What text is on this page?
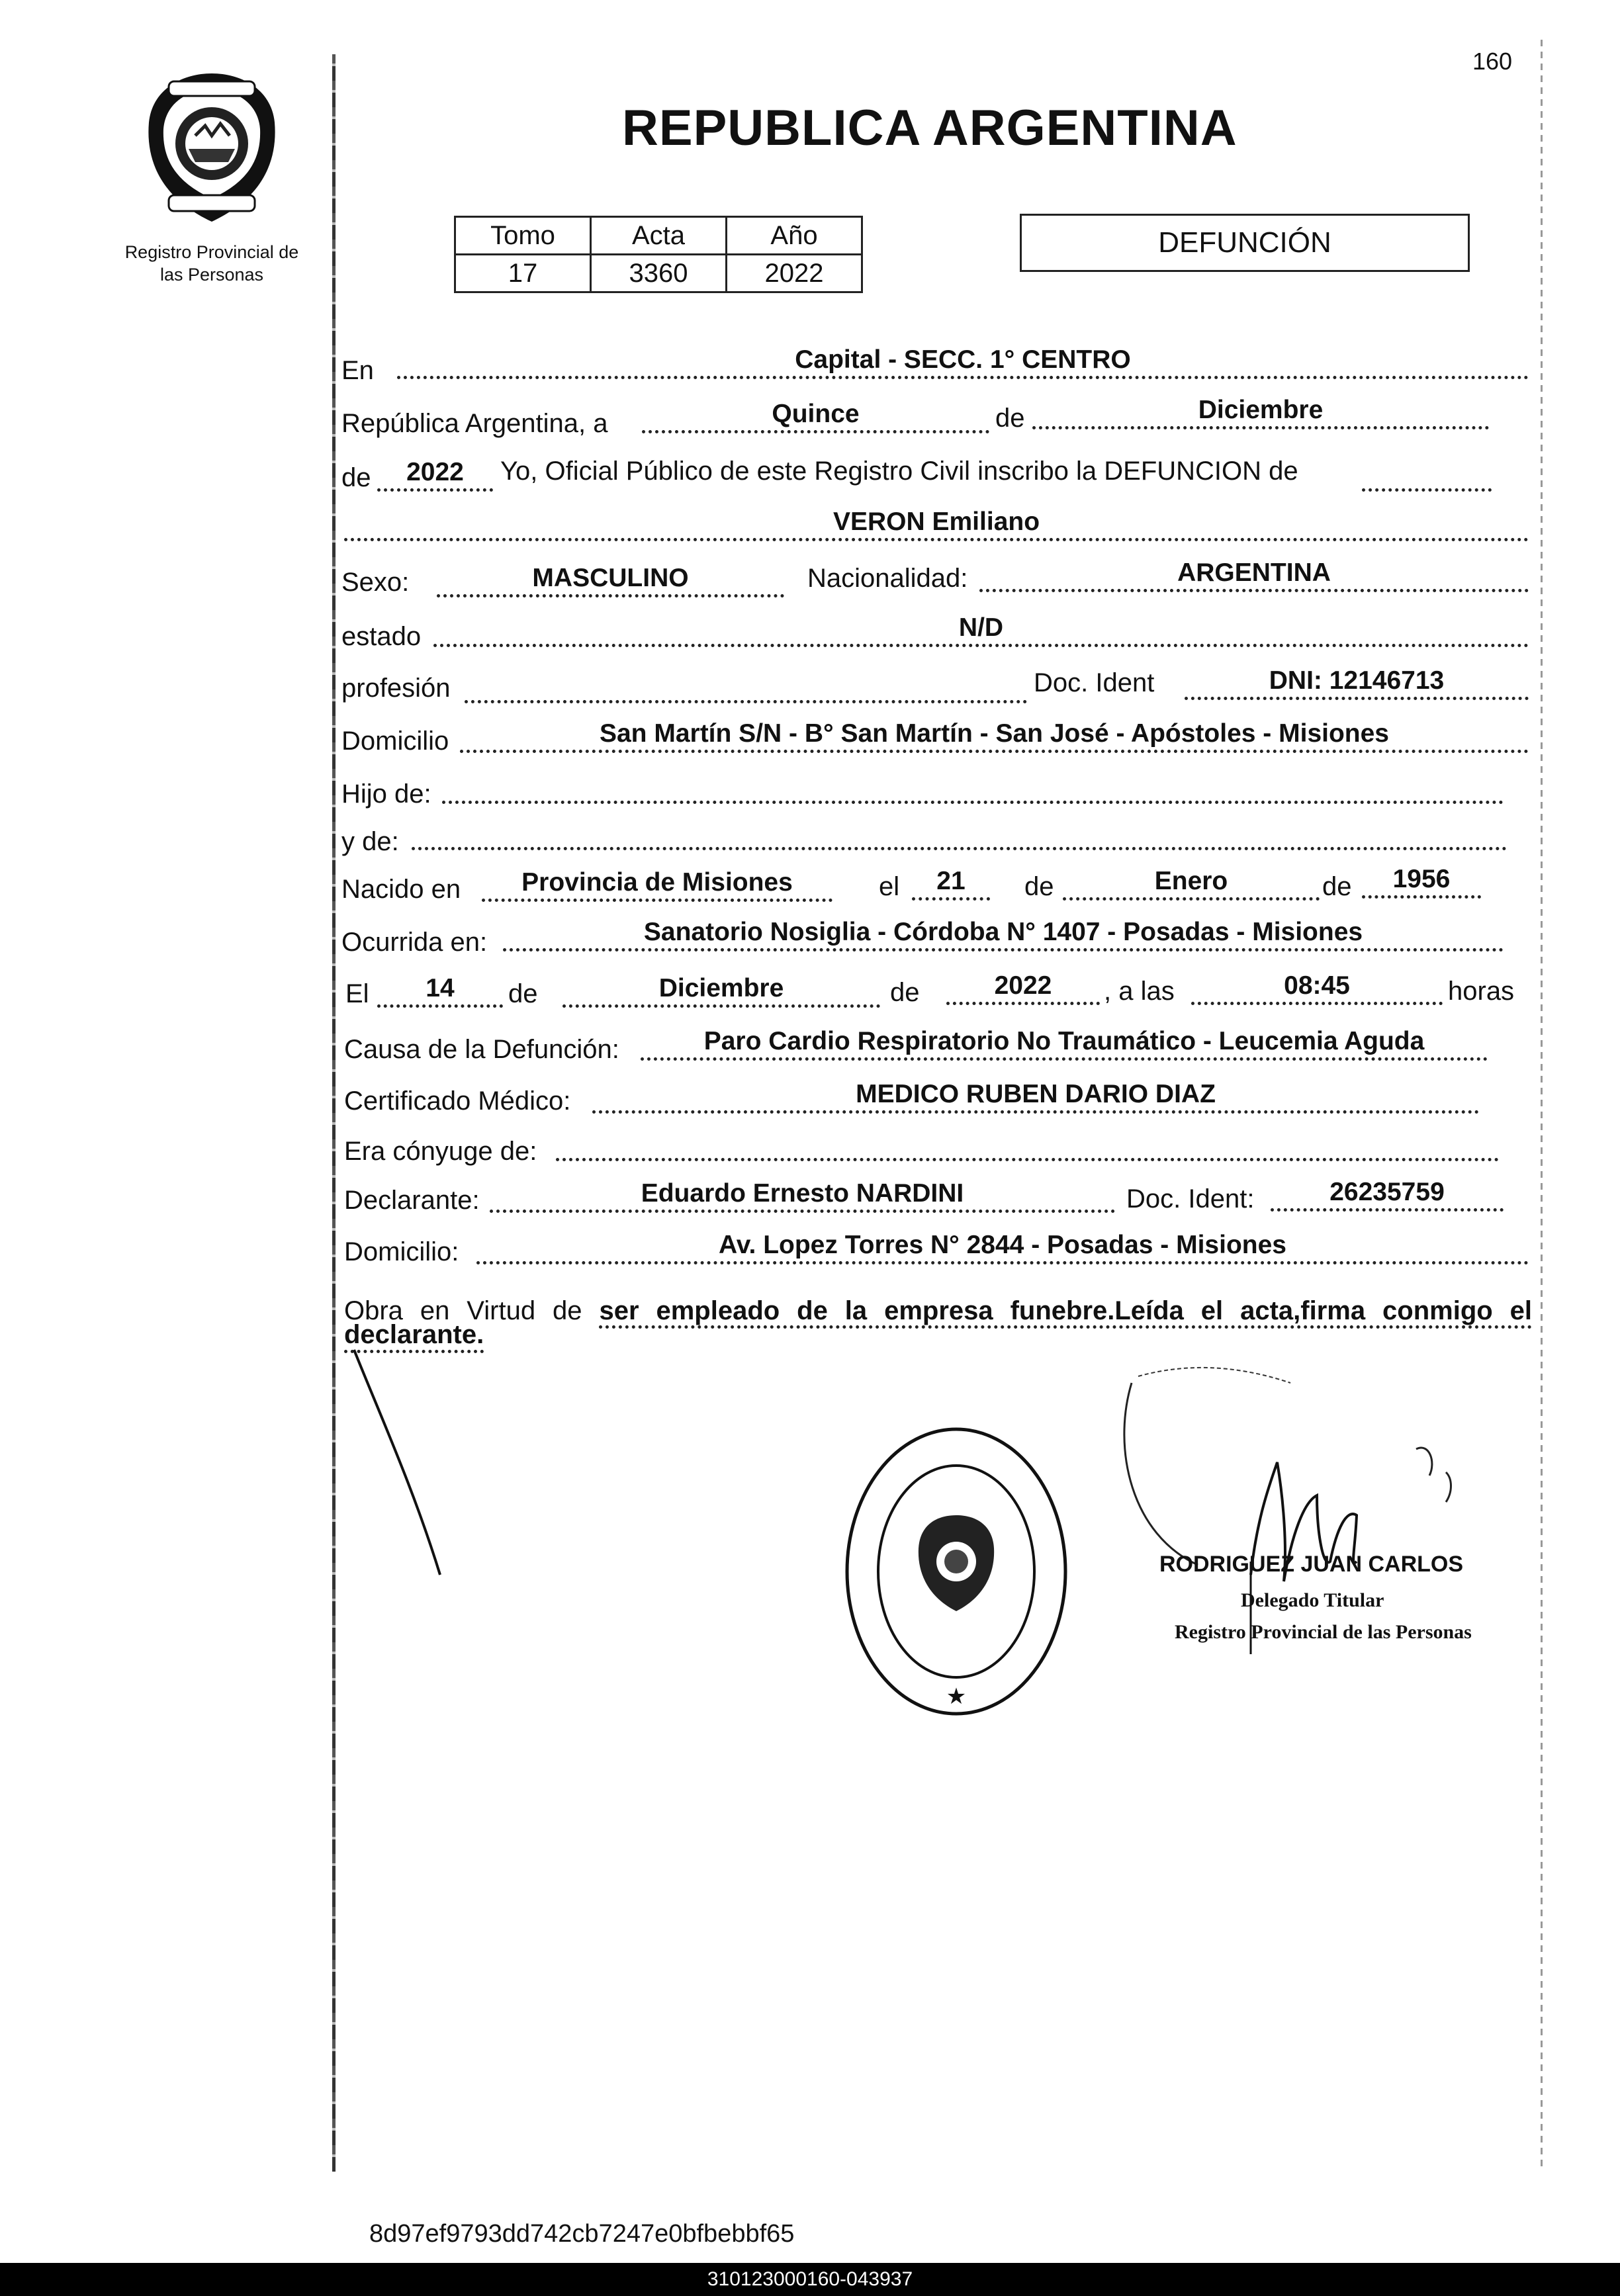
160
Registro Provincial de
las Personas
REPUBLICA ARGENTINA
Tomo	Acta	Año
17	3360	2022
DEFUNCIÓN
En	Capital - SECC. 1° CENTRO
República Argentina, a	Quince	de	Diciembre
de	2022	Yo, Oficial Público de este Registro Civil inscribo la DEFUNCION de
VERON Emiliano
Sexo:	MASCULINO	Nacionalidad:	ARGENTINA
estado	N/D
profesión	Doc. Ident	DNI: 12146713
Domicilio	San Martín S/N - B° San Martín - San José - Apóstoles - Misiones
Hijo de:
y de:
Nacido en	Provincia de Misiones	el	21	de	Enero	de	1956
Ocurrida en:	Sanatorio Nosiglia - Córdoba N° 1407 - Posadas - Misiones
El	14	de	Diciembre	de	2022	, a las	08:45	horas
Causa de la Defunción:	Paro Cardio Respiratorio No Traumático - Leucemia Aguda
Certificado Médico:	MEDICO RUBEN DARIO DIAZ
Era cónyuge de:
Declarante:	Eduardo Ernesto NARDINI	Doc. Ident:	26235759
Domicilio:	Av. Lopez Torres N° 2844 - Posadas - Misiones
Obra en Virtud de ser empleado de la empresa funebre.Leída el acta,firma conmigo el
declarante.
★
RODRIGUEZ JUAN CARLOS
Delegado Titular
Registro Provincial de las Personas
8d97ef9793dd742cb7247e0bfbebbf65
310123000160-043937
